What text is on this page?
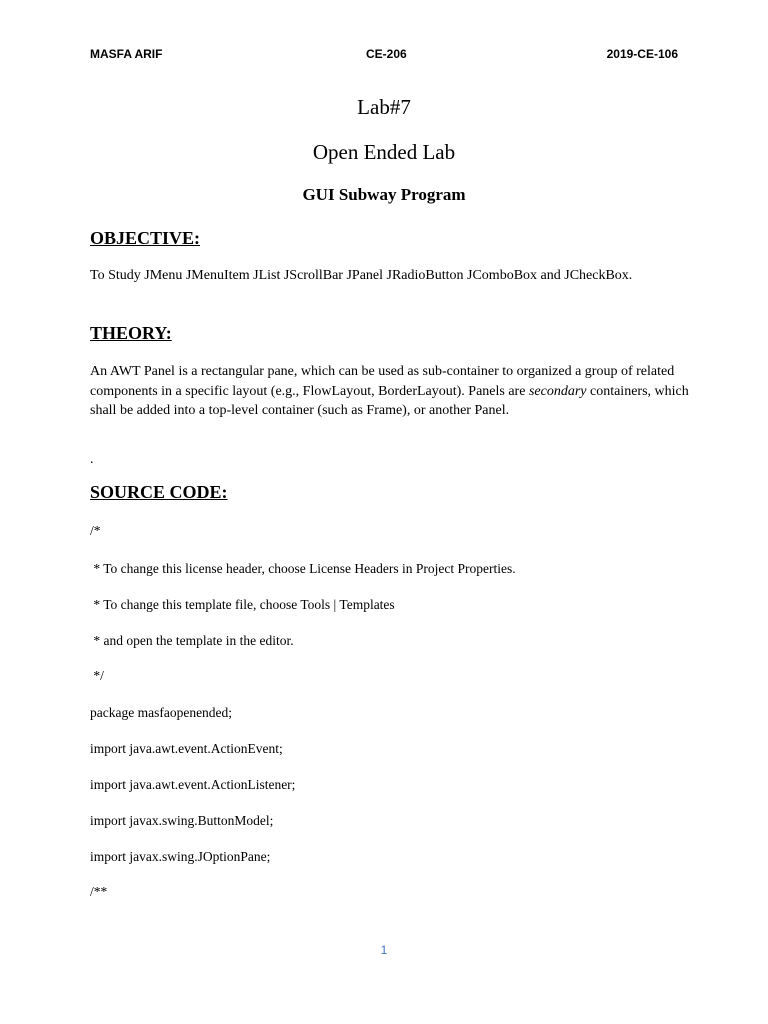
MASFA ARIF	CE-206	2019-CE-106
Lab#7
Open Ended Lab
GUI Subway Program
OBJECTIVE:
To Study JMenu JMenuItem JList JScrollBar JPanel JRadioButton JComboBox and JCheckBox.
THEORY:
An AWT Panel is a rectangular pane, which can be used as sub-container to organized a group of related components in a specific layout (e.g., FlowLayout, BorderLayout). Panels are secondary containers, which shall be added into a top-level container (such as Frame), or another Panel.
.
SOURCE CODE:
/*
* To change this license header, choose License Headers in Project Properties.
* To change this template file, choose Tools | Templates
* and open the template in the editor.
*/
package masfaopenended;
import java.awt.event.ActionEvent;
import java.awt.event.ActionListener;
import javax.swing.ButtonModel;
import javax.swing.JOptionPane;
/**
1
